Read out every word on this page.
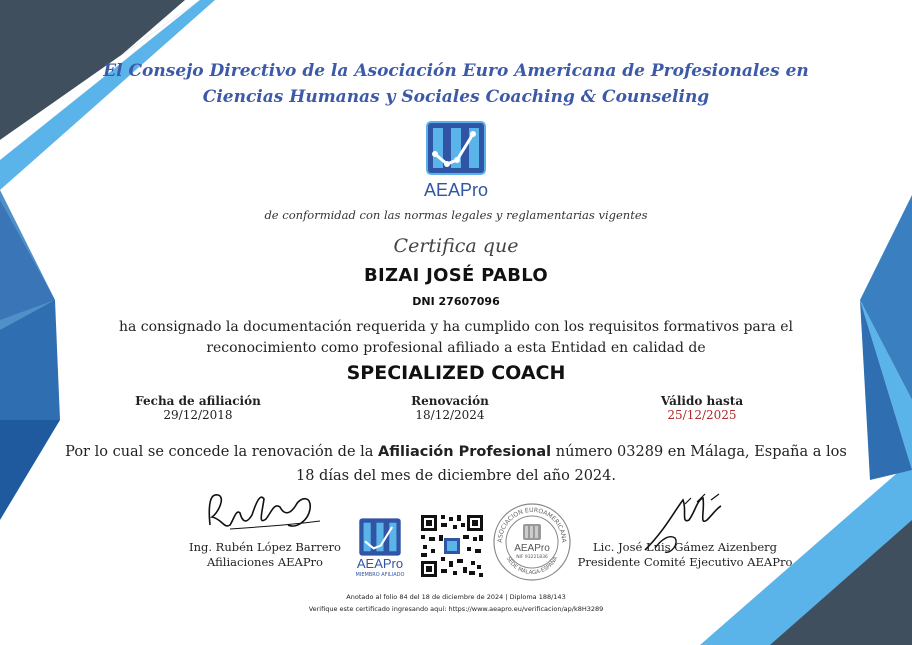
El Consejo Directivo de la Asociación Euro Americana de Profesionales en
Ciencias Humanas y Sociales Coaching & Counseling
AEAPro
de conformidad con las normas legales y reglamentarias vigentes
Certifica que
BIZAI JOSÉ PABLO
DNI 27607096
ha consignado la documentación requerida y ha cumplido con los requisitos formativos para el
reconocimiento como profesional afiliado a esta Entidad en calidad de
SPECIALIZED COACH
Fecha de afiliación
29/12/2018
Renovación
18/12/2024
Válido hasta
25/12/2025
Por lo cual se concede la renovación de la Afiliación Profesional número 03289 en Málaga, España a los
18 días del mes de diciembre del año 2024.
Ing. Rubén López Barrero
Afiliaciones AEAPro	AEAPro
MIEMBRO AFILIADO
ASOCIACION EUROAMERICANA
SEDE MÁLAGA-ESPAÑA
AEAPro
NIF 93221836
Lic. José Luis Gámez Aizenberg
Presidente Comité Ejecutivo AEAPro
Anotado al folio 84 del 18 de diciembre de 2024 | Diploma 188/143
Verifique este certificado ingresando aquí: https://www.aeapro.eu/verificacion/ap/k8H3289
